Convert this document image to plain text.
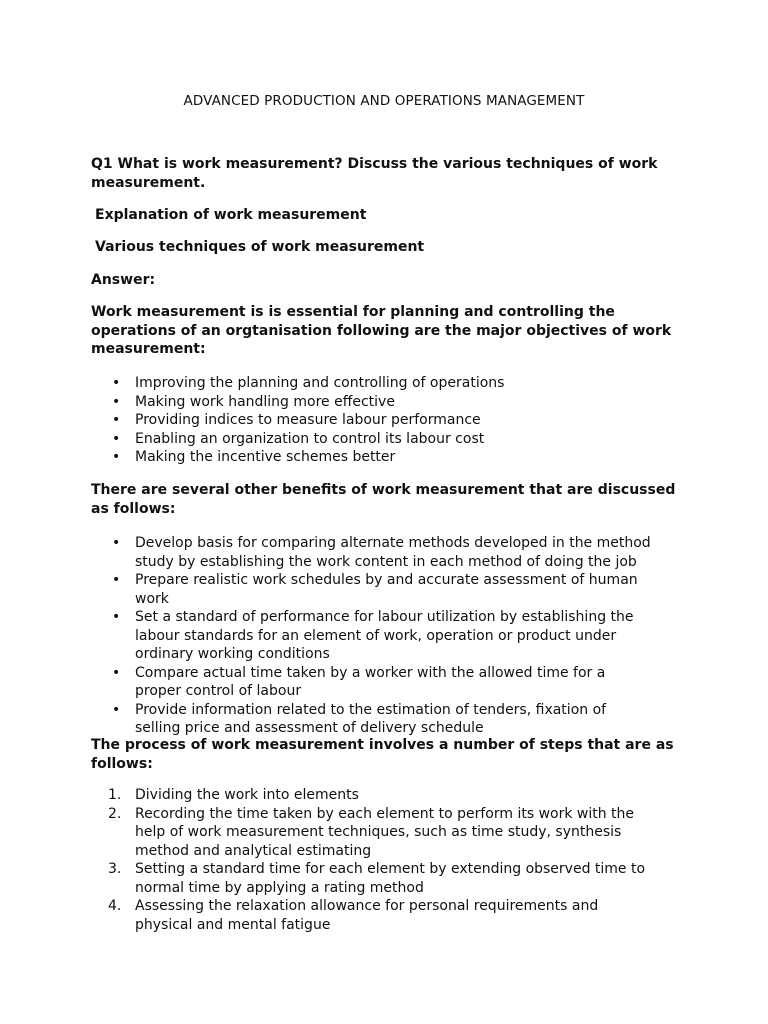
ADVANCED PRODUCTION AND OPERATIONS MANAGEMENT
Q1 What is work measurement? Discuss the various techniques of work measurement.
Explanation of work measurement
Various techniques of work measurement
Answer:
Work measurement is is essential for planning and controlling the operations of an orgtanisation following are the major objectives of work measurement:
• Improving the planning and controlling of operations
• Making work handling more effective
• Providing indices to measure labour performance
• Enabling an organization to control its labour cost
• Making the incentive schemes better
There are several other benefits of work measurement that are discussed as follows:
• Develop basis for comparing alternate methods developed in the method study by establishing the work content in each method of doing the job
• Prepare realistic work schedules by and accurate assessment of human work
• Set a standard of performance for labour utilization by establishing the labour standards for an element of work, operation or product under ordinary working conditions
• Compare actual time taken by a worker with the allowed time for a proper control of labour
• Provide information related to the estimation of tenders, fixation of selling price and assessment of delivery schedule
The process of work measurement involves a number of steps that are as follows:
1. Dividing the work into elements
2. Recording the time taken by each element to perform its work with the help of work measurement techniques, such as time study, synthesis method and analytical estimating
3. Setting a standard time for each element by extending observed time to normal time by applying a rating method
4. Assessing the relaxation allowance for personal requirements and physical and mental fatigue
